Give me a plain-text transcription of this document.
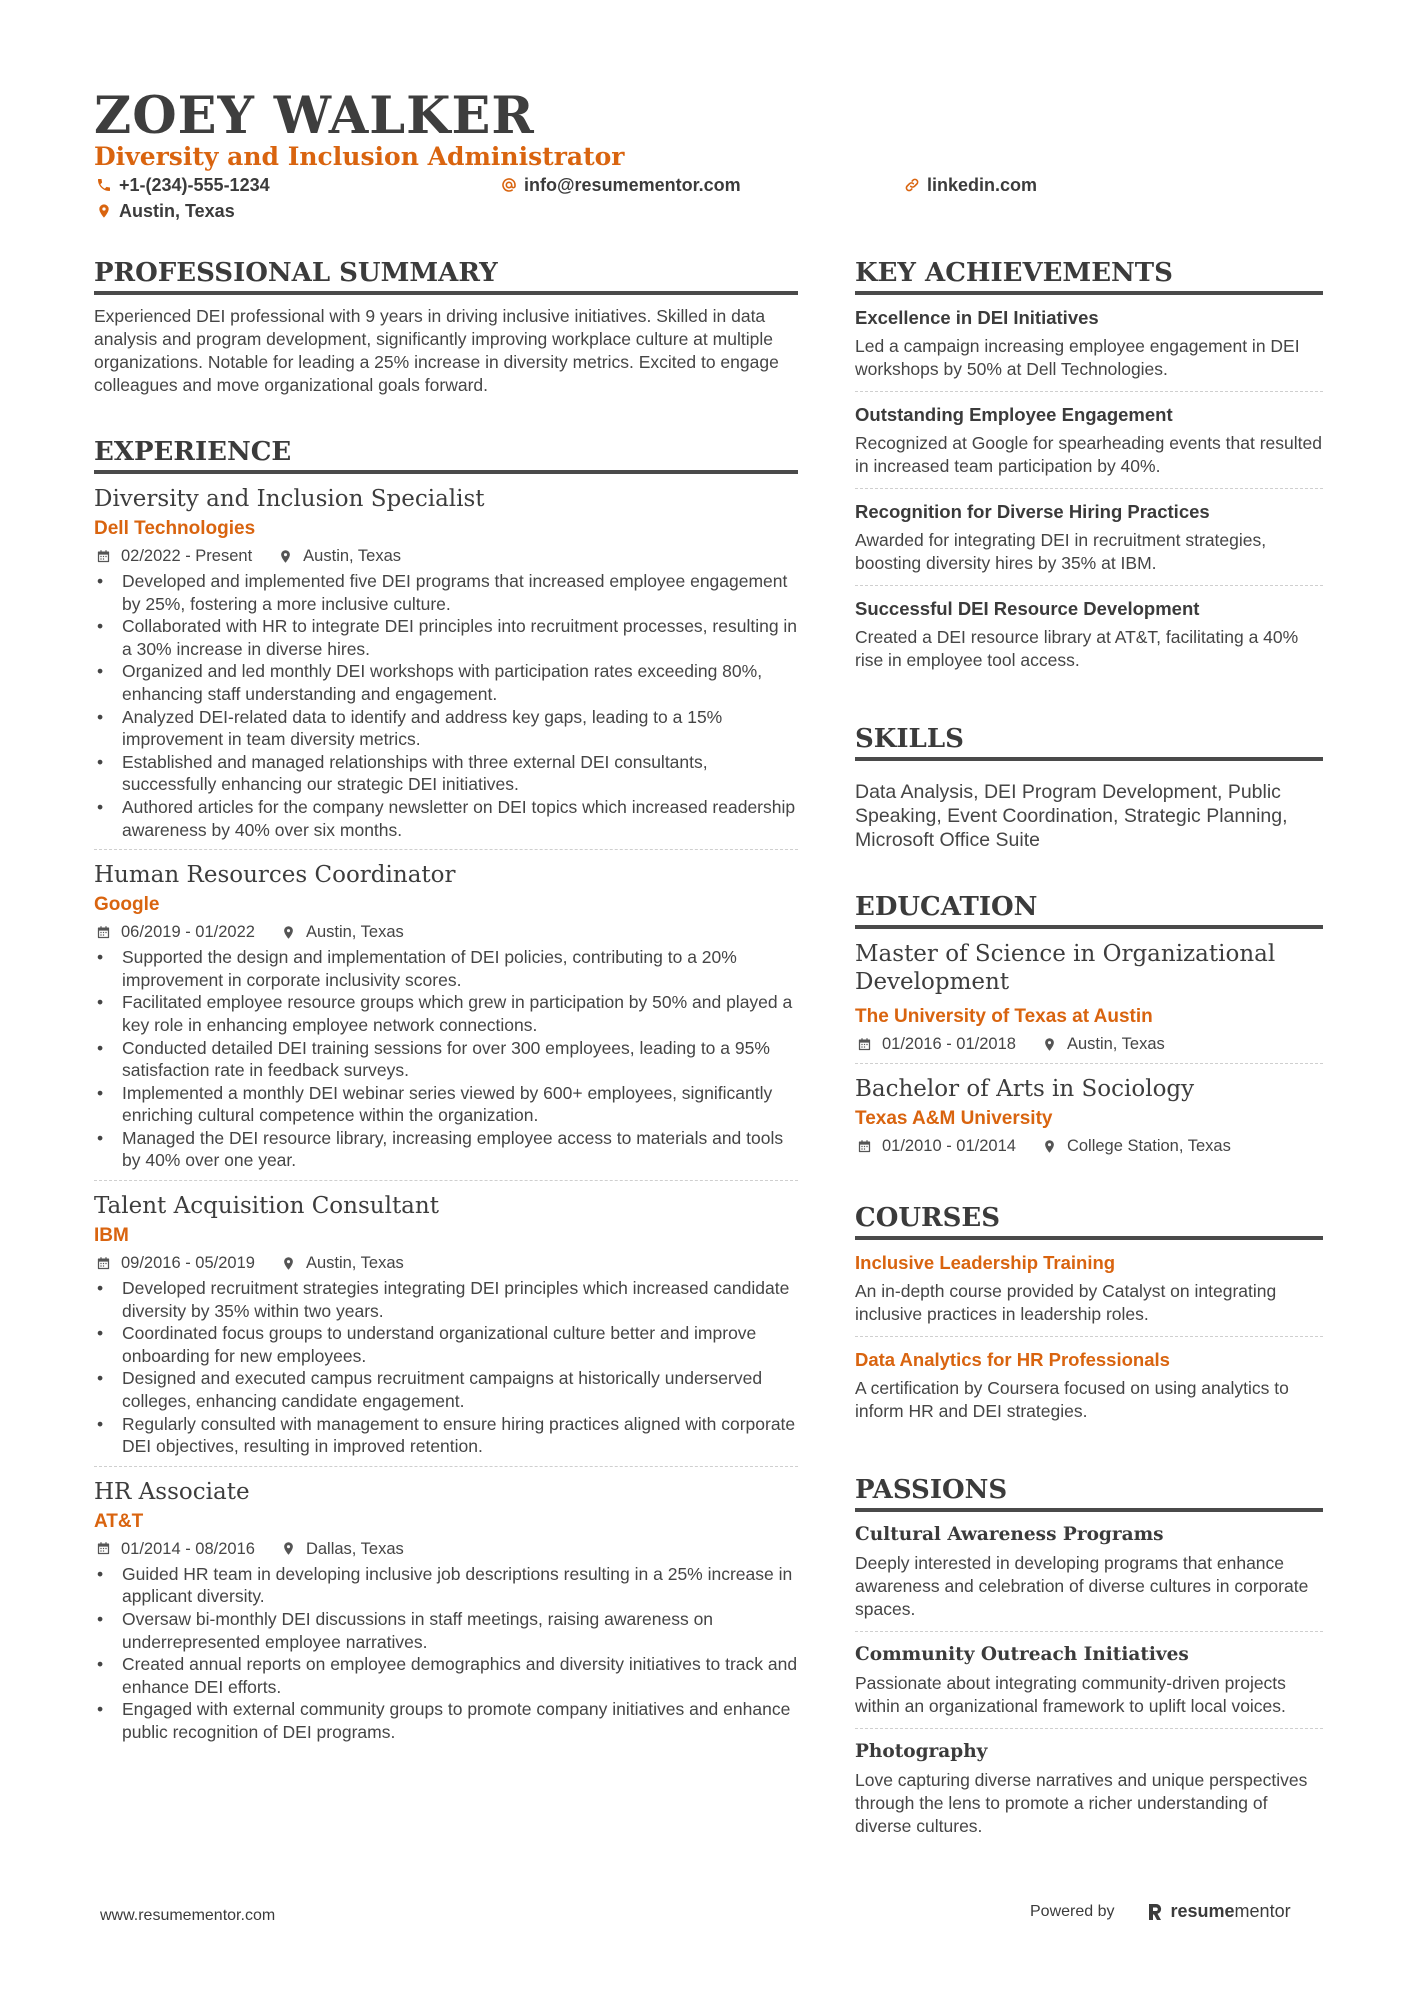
ZOEY WALKER
Diversity and Inclusion Administrator
+1-(234)-555-1234	info@resumementor.com	linkedin.com
Austin, Texas
PROFESSIONAL SUMMARY
Experienced DEI professional with 9 years in driving inclusive initiatives. Skilled in data analysis and program development, significantly improving workplace culture at multiple organizations. Notable for leading a 25% increase in diversity metrics. Excited to engage colleagues and move organizational goals forward.
EXPERIENCE
Diversity and Inclusion Specialist
Dell Technologies
02/2022 - Present	Austin, Texas
• Developed and implemented five DEI programs that increased employee engagement by 25%, fostering a more inclusive culture.
• Collaborated with HR to integrate DEI principles into recruitment processes, resulting in a 30% increase in diverse hires.
• Organized and led monthly DEI workshops with participation rates exceeding 80%, enhancing staff understanding and engagement.
• Analyzed DEI-related data to identify and address key gaps, leading to a 15% improvement in team diversity metrics.
• Established and managed relationships with three external DEI consultants, successfully enhancing our strategic DEI initiatives.
• Authored articles for the company newsletter on DEI topics which increased readership awareness by 40% over six months.
Human Resources Coordinator
Google
06/2019 - 01/2022	Austin, Texas
• Supported the design and implementation of DEI policies, contributing to a 20% improvement in corporate inclusivity scores.
• Facilitated employee resource groups which grew in participation by 50% and played a key role in enhancing employee network connections.
• Conducted detailed DEI training sessions for over 300 employees, leading to a 95% satisfaction rate in feedback surveys.
• Implemented a monthly DEI webinar series viewed by 600+ employees, significantly enriching cultural competence within the organization.
• Managed the DEI resource library, increasing employee access to materials and tools by 40% over one year.
Talent Acquisition Consultant
IBM
09/2016 - 05/2019	Austin, Texas
• Developed recruitment strategies integrating DEI principles which increased candidate diversity by 35% within two years.
• Coordinated focus groups to understand organizational culture better and improve onboarding for new employees.
• Designed and executed campus recruitment campaigns at historically underserved colleges, enhancing candidate engagement.
• Regularly consulted with management to ensure hiring practices aligned with corporate DEI objectives, resulting in improved retention.
HR Associate
AT&T
01/2014 - 08/2016	Dallas, Texas
• Guided HR team in developing inclusive job descriptions resulting in a 25% increase in applicant diversity.
• Oversaw bi-monthly DEI discussions in staff meetings, raising awareness on underrepresented employee narratives.
• Created annual reports on employee demographics and diversity initiatives to track and enhance DEI efforts.
• Engaged with external community groups to promote company initiatives and enhance public recognition of DEI programs.
KEY ACHIEVEMENTS
Excellence in DEI Initiatives
Led a campaign increasing employee engagement in DEI workshops by 50% at Dell Technologies.
Outstanding Employee Engagement
Recognized at Google for spearheading events that resulted in increased team participation by 40%.
Recognition for Diverse Hiring Practices
Awarded for integrating DEI in recruitment strategies, boosting diversity hires by 35% at IBM.
Successful DEI Resource Development
Created a DEI resource library at AT&T, facilitating a 40% rise in employee tool access.
SKILLS
Data Analysis, DEI Program Development, Public Speaking, Event Coordination, Strategic Planning, Microsoft Office Suite
EDUCATION
Master of Science in Organizational Development
The University of Texas at Austin
01/2016 - 01/2018	Austin, Texas
Bachelor of Arts in Sociology
Texas A&M University
01/2010 - 01/2014	College Station, Texas
COURSES
Inclusive Leadership Training
An in-depth course provided by Catalyst on integrating inclusive practices in leadership roles.
Data Analytics for HR Professionals
A certification by Coursera focused on using analytics to inform HR and DEI strategies.
PASSIONS
Cultural Awareness Programs
Deeply interested in developing programs that enhance awareness and celebration of diverse cultures in corporate spaces.
Community Outreach Initiatives
Passionate about integrating community-driven projects within an organizational framework to uplift local voices.
Photography
Love capturing diverse narratives and unique perspectives through the lens to promote a richer understanding of diverse cultures.
www.resumementor.com	Powered by	resumementor
